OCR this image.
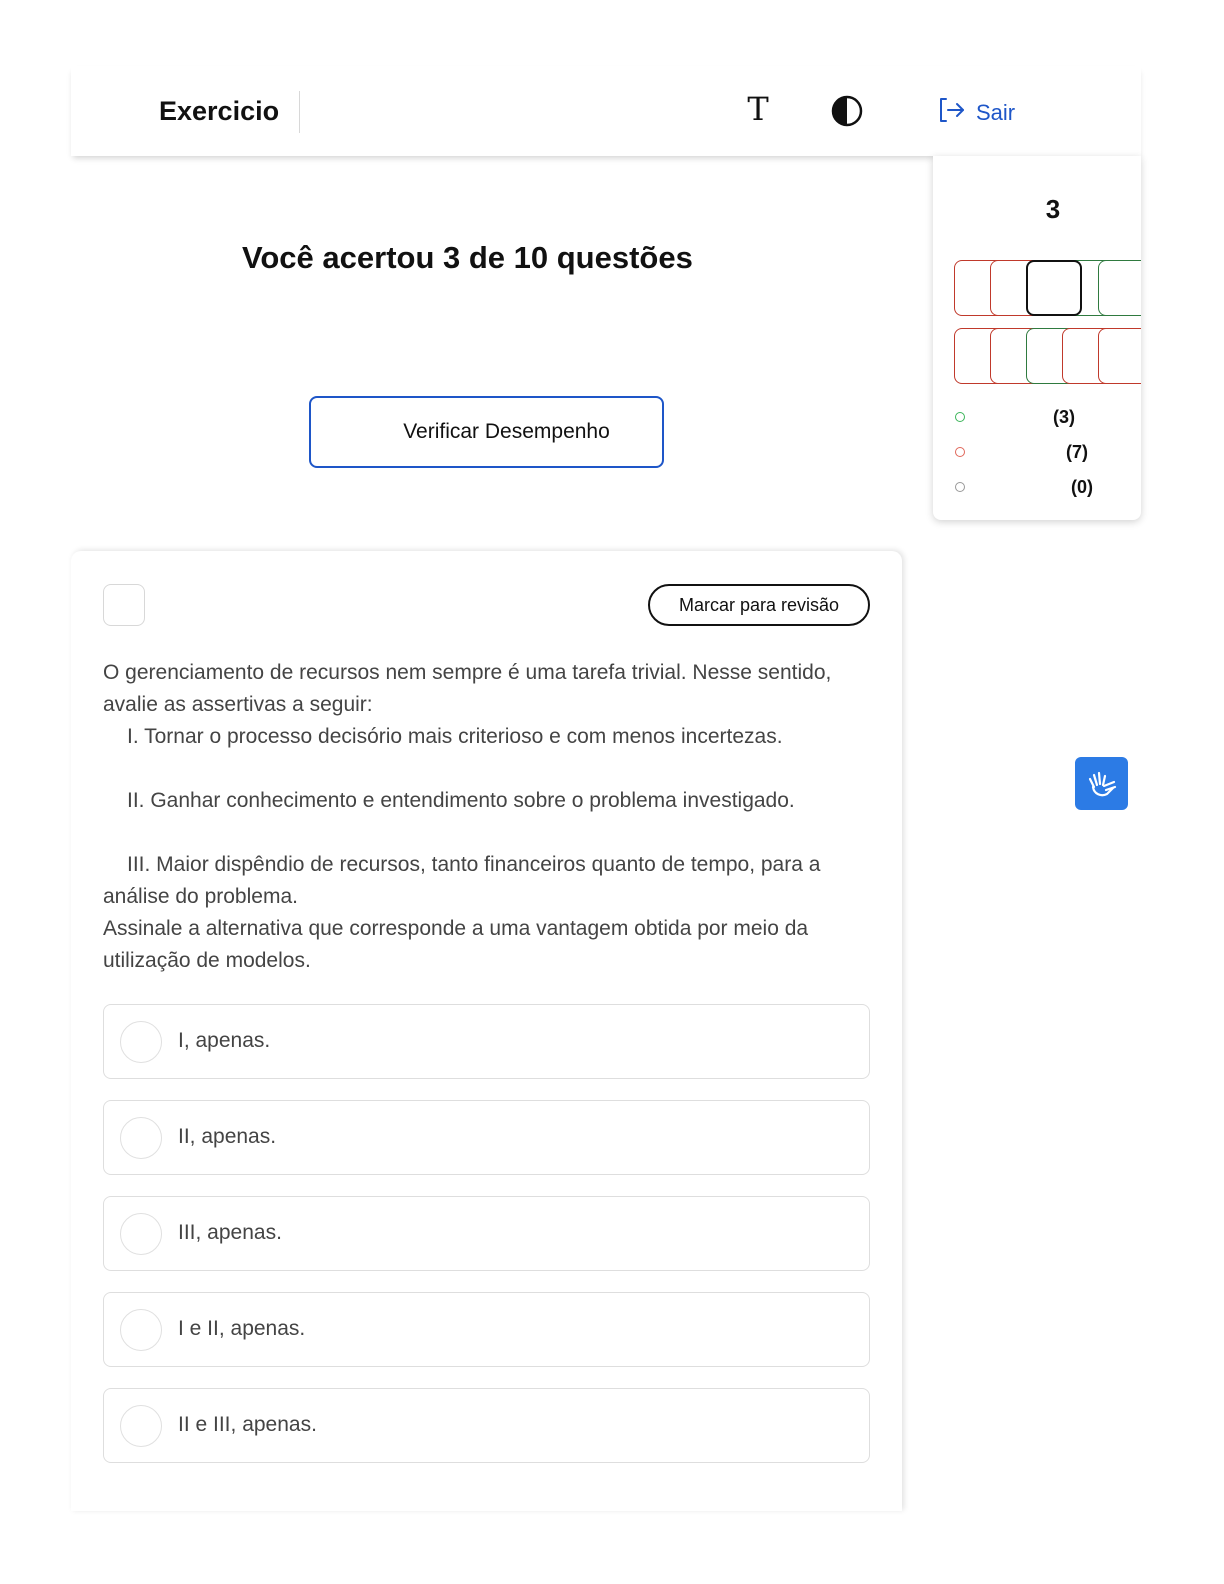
Exercicio	T	Sair
Você acertou 3 de 10 questões
Verificar Desempenho
3
(3)
(7)
(0)
Marcar para revisão

O gerenciamento de recursos nem sempre é uma tarefa trivial. Nesse sentido, avalie as assertivas a seguir:

I. Tornar o processo decisório mais criterioso e com menos incertezas.

II. Ganhar conhecimento e entendimento sobre o problema investigado.

III. Maior dispêndio de recursos, tanto financeiros quanto de tempo, para a análise do problema.

Assinale a alternativa que corresponde a uma vantagem obtida por meio da utilização de modelos.

I, apenas.
II, apenas.
III, apenas.
I e II, apenas.
II e III, apenas.
